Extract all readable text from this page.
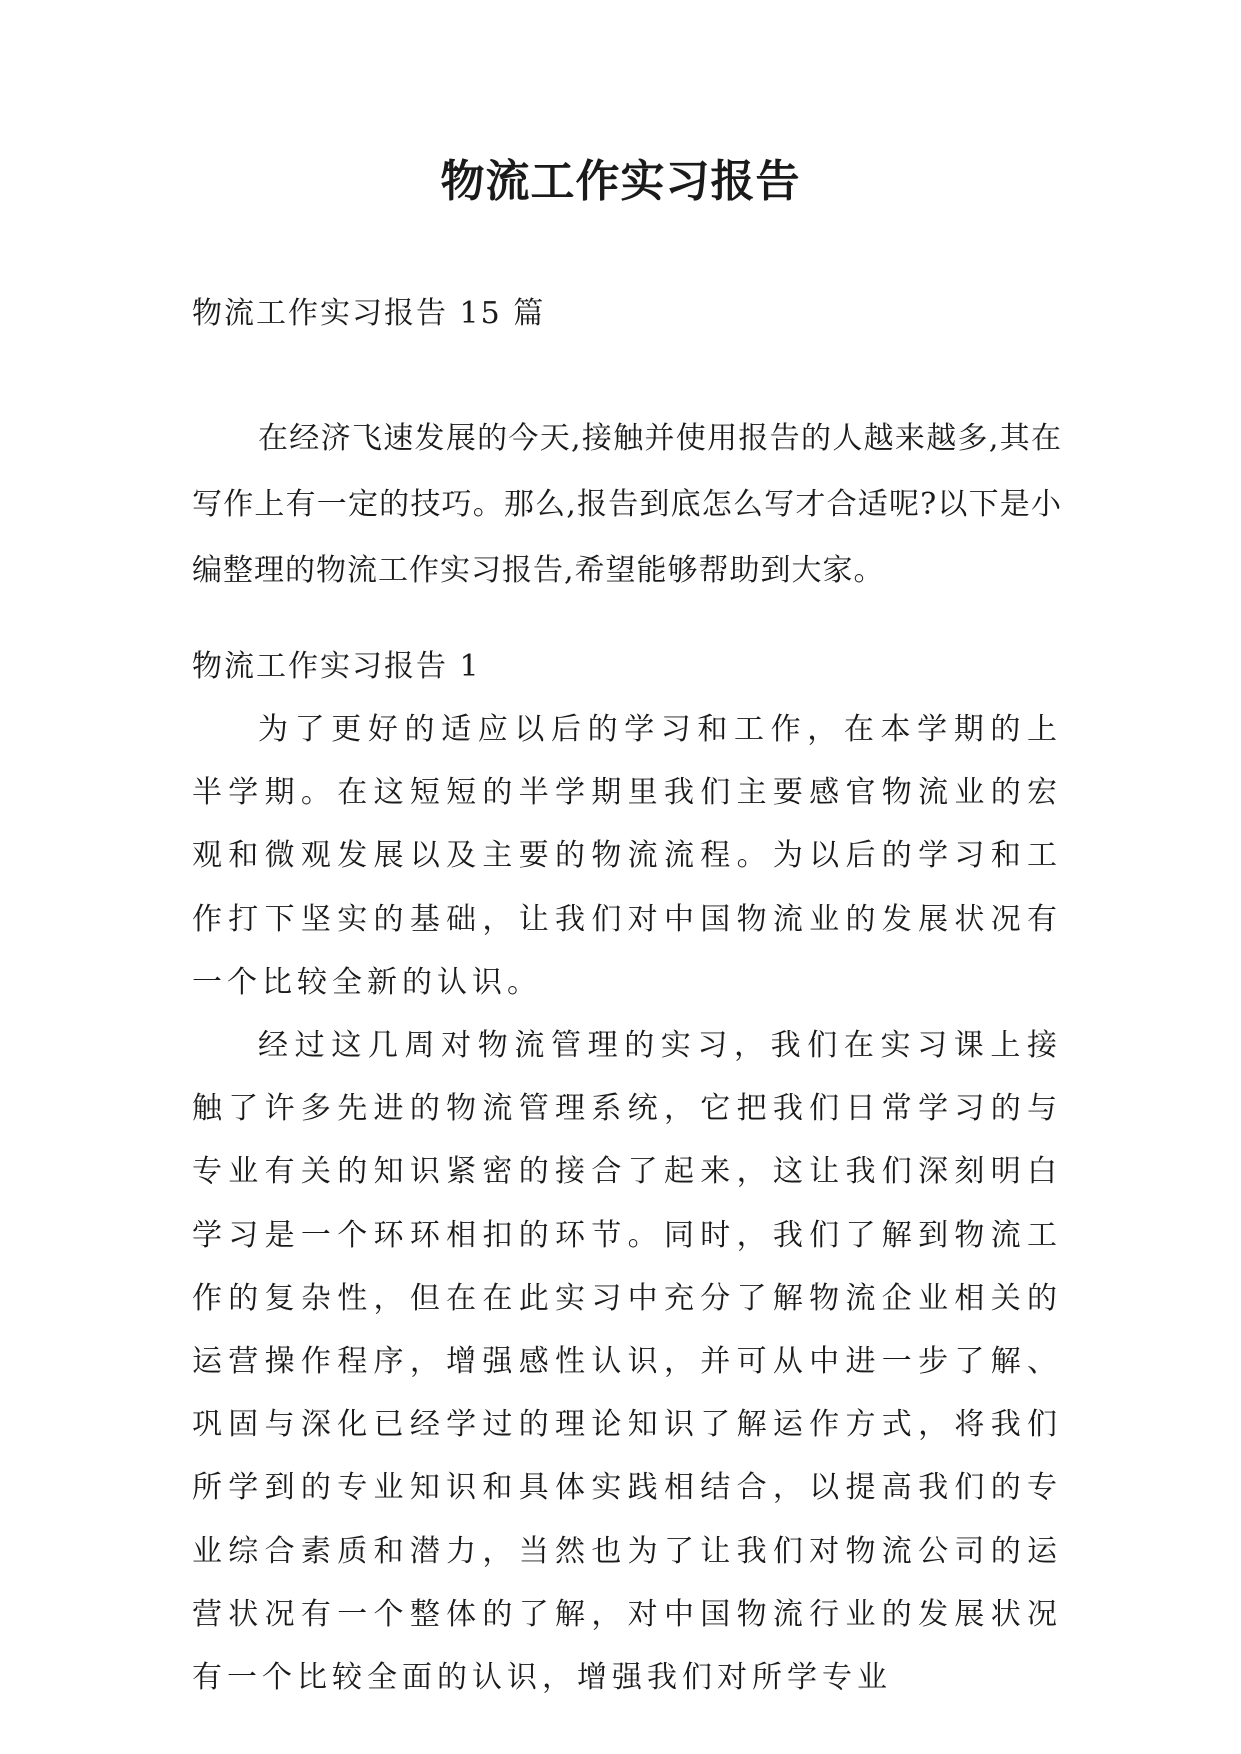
物流工作实习报告
物流工作实习报告 15 篇

在经济飞速发展的今天,接触并使用报告的人越来越多,其在写作上有一定的技巧。那么,报告到底怎么写才合适呢?以下是小编整理的物流工作实习报告,希望能够帮助到大家。

物流工作实习报告 1

为了更好的适应以后的学习和工作，在本学期的上半学期。在这短短的半学期里我们主要感官物流业的宏观和微观发展以及主要的物流流程。为以后的学习和工作打下坚实的基础，让我们对中国物流业的发展状况有一个比较全新的认识。

经过这几周对物流管理的实习，我们在实习课上接触了许多先进的物流管理系统，它把我们日常学习的与专业有关的知识紧密的接合了起来，这让我们深刻明白学习是一个环环相扣的环节。同时，我们了解到物流工作的复杂性，但在在此实习中充分了解物流企业相关的运营操作程序，增强感性认识，并可从中进一步了解、巩固与深化已经学过的理论知识了解运作方式，将我们所学到的专业知识和具体实践相结合，以提高我们的专业综合素质和潜力，当然也为了让我们对物流公司的运营状况有一个整体的了解，对中国物流行业的发展状况有一个比较全面的认识，增强我们对所学专业
